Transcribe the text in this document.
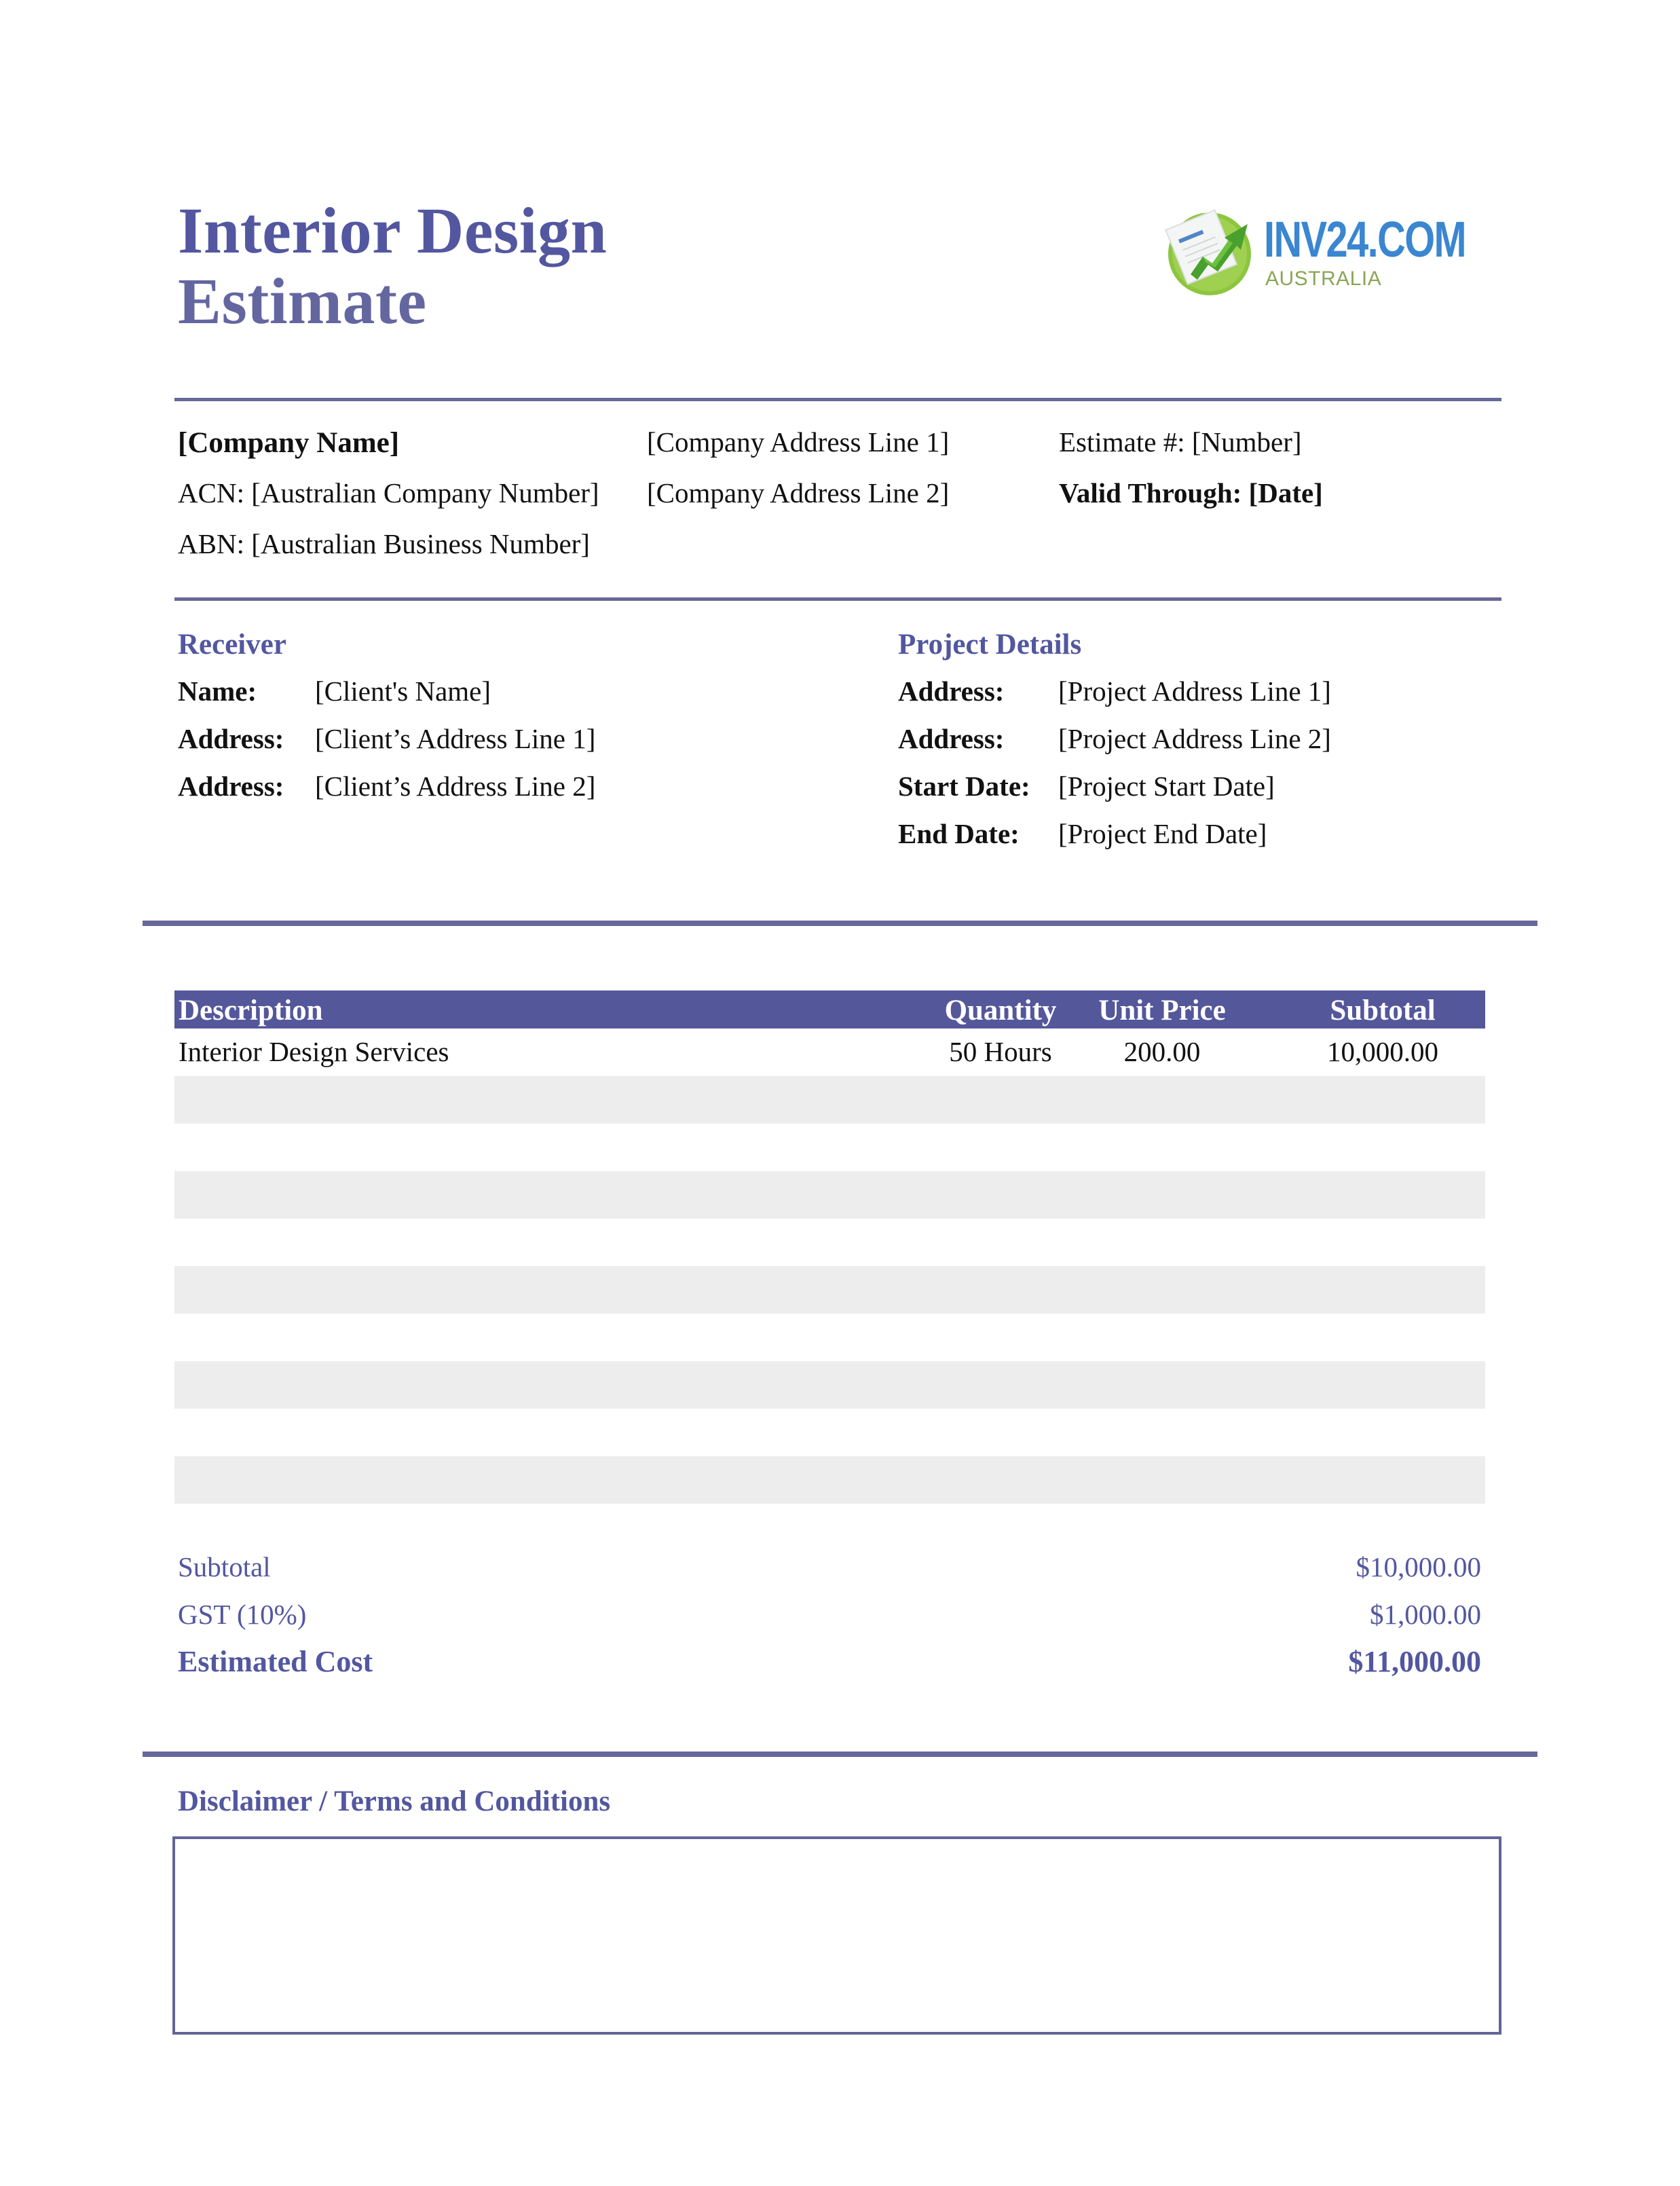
Interior Design
Estimate
INV24.COM
AUSTRALIA
[Company Name]
ACN: [Australian Company Number]
ABN: [Australian Business Number]
[Company Address Line 1]
[Company Address Line 2]
Estimate #: [Number]
Valid Through: [Date]
Receiver
Name: [Client's Name]
Address: [Client’s Address Line 1]
Address: [Client’s Address Line 2]
Project Details
Address: [Project Address Line 1]
Address: [Project Address Line 2]
Start Date: [Project Start Date]
End Date: [Project End Date]
Description	Quantity	Unit Price	Subtotal
Interior Design Services	50 Hours	200.00	10,000.00
Subtotal	$10,000.00
GST (10%)	$1,000.00
Estimated Cost	$11,000.00
Disclaimer / Terms and Conditions
